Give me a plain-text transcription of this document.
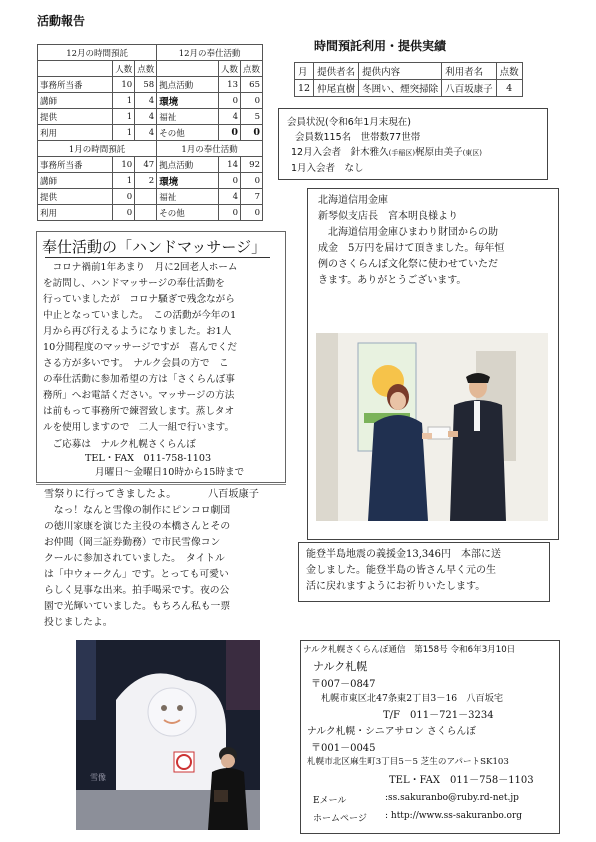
活動報告
12月の時間預託			12月の奉仕活動		
	人数	点数		人数	点数
事務所当番	10	58	拠点活動	13	65
講師	1	4	環境	0	0
提供	1	4	福祉	4	5
利用	1	4	その他	0	0
1月の時間預託			1月の奉仕活動		
事務所当番	10	47	拠点活動	14	92
講師	1	2	環境	0	0
提供	0		福祉	4	7
利用	0		その他	0	0
時間預託利用・提供実績
月	提供者名	提供内容	利用者名	点数
12	仲尾直樹	冬囲い、煙突掃除	八百坂康子	4
会員状況(令和6年1月末現在)
会員数115名　世帯数77世帯
12月入会者　針木雅久(手稲区)梶原由美子(東区)
1月入会者　なし
奉仕活動の「ハンドマッサージ」
　コロナ禍前1年あまり　月に2回老人ホーム
を訪問し、ハンドマッサージの奉仕活動を
行っていましたが　コロナ騒ぎで残念ながら
中止となっていました。　この活動が今年の1
月から再び行えるようになりました。お1人
10分間程度のマッサージですが　喜んでくだ
さる方が多いです。　ナルク会員の方で　こ
の奉仕活動に参加希望の方は「さくらんぼ事
務所」へお電話ください。マッサージの方法
は前もって事務所で練習致します。蒸しタオ
ルを使用しますので　二人一組で行います。
　ご応募は　ナルク札幌さくらんぼ
TEL・FAX　011-758-1103
月曜日～金曜日10時から15時まで
北海道信用金庫
新琴似支店長　宮本明良様より
　北海道信用金庫ひまわり財団からの助
成金　5万円を届けて頂きました。毎年恒
例のさくらんぼ文化祭に使わせていただ
きます。ありがとうございます。
雪祭りに行ってきましたよ。	八百坂康子
　なっ！なんと雪像の制作にピンコロ劇団
の徳川家康を演じた主役の本橋さんとその
お仲間（岡三証券勤務）で市民雪像コン
クールに参加されていました。　タイトル
は「中ウォークん」です。とっても可愛い
らしく見事な出来。拍手喝采です。夜の公
園で光輝いていました。もちろん私も一票
投じましたよ。
雪像
能登半島地震の義援金13,346円　本部に送
金しました。能登半島の皆さん早く元の生
活に戻れますようにお祈りいたします。
ナルク札幌さくらんぼ通信　第158号 令和6年3月10日
ナルク札幌
〒007－0847
札幌市東区北47条東2丁目3－16　八百坂宅
T/F　011－721－3234
ナルク札幌・シニアサロン さくらんぼ
〒001－0045
札幌市北区麻生町3丁目5－5 芝生のアパートSK103
TEL・FAX　011－758－1103
Eメール	:ss.sakuranbo@ruby.rd-net.jp
ホームページ : http://www.ss-sakuranbo.org
